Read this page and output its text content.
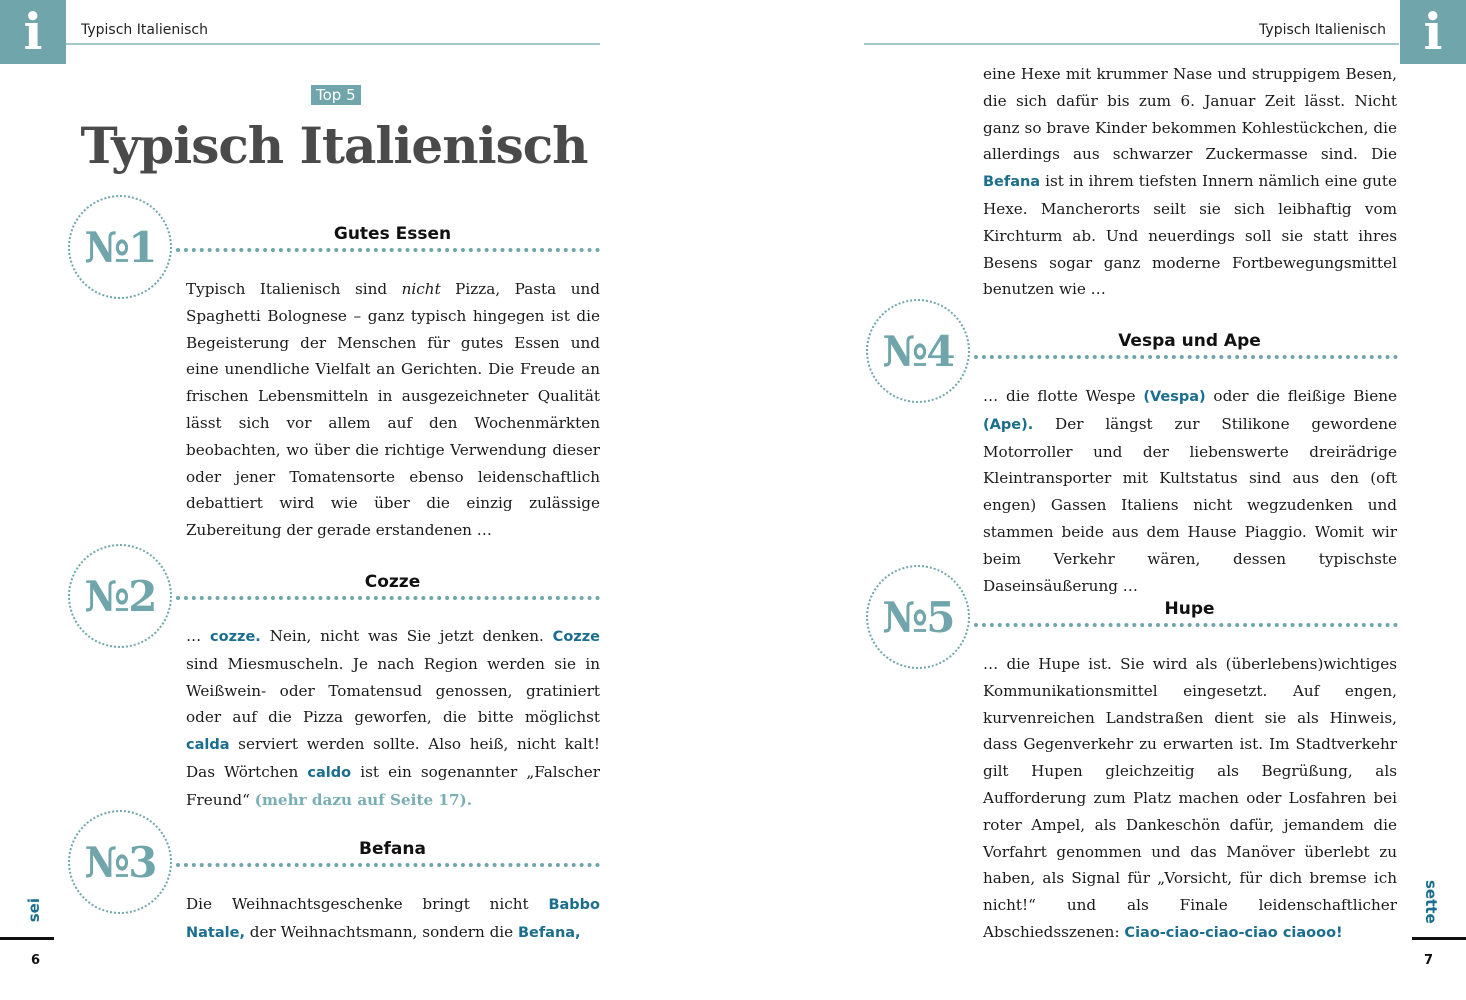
i	Typisch Italienisch
Top 5
Typisch Italienisch
№ 1	Gutes Essen
Typisch Italienisch sind nicht Pizza, Pasta und Spaghetti Bolognese – ganz typisch hingegen ist die Begeisterung der Menschen für gutes Essen und eine unendliche Vielfalt an Gerichten. Die Freude an frischen Lebensmitteln in ausgezeichneter Qualität lässt sich vor allem auf den Wochenmärkten beobachten, wo über die richtige Verwendung dieser oder jener Tomatensorte ebenso leidenschaftlich debattiert wird wie über die einzig zulässige Zubereitung der gerade erstandenen …
№ 2	Cozze
… cozze. Nein, nicht was Sie jetzt denken. Cozze sind Miesmuscheln. Je nach Region werden sie in Weißwein- oder Tomatensud genossen, gratiniert oder auf die Pizza geworfen, die bitte möglichst calda serviert werden sollte. Also heiß, nicht kalt! Das Wörtchen caldo ist ein sogenannter „Falscher Freund“ (mehr dazu auf Seite 17).
№ 3	Befana
Die Weihnachtsgeschenke bringt nicht Babbo Natale, der Weihnachtsmann, sondern die Befana,
sei
6
i
Typisch Italienisch
eine Hexe mit krummer Nase und struppigem Besen, die sich dafür bis zum 6. Januar Zeit lässt. Nicht ganz so brave Kinder bekommen Kohlestückchen, die allerdings aus schwarzer Zuckermasse sind. Die Befana ist in ihrem tiefsten Innern nämlich eine gute Hexe. Mancherorts seilt sie sich leibhaftig vom Kirchturm ab. Und neuerdings soll sie statt ihres Besens sogar ganz moderne Fortbewegungsmittel benutzen wie …
№ 4	Vespa und Ape
… die flotte Wespe (Vespa) oder die fleißige Biene (Ape). Der längst zur Stilikone gewordene Motorroller und der liebenswerte dreirädrige Kleintransporter mit Kultstatus sind aus den (oft engen) Gassen Italiens nicht wegzudenken und stammen beide aus dem Hause Piaggio. Womit wir beim Verkehr wären, dessen typischste Daseinsäußerung …
№ 5	Hupe
… die Hupe ist. Sie wird als (überlebens)wichtiges Kommunikationsmittel eingesetzt. Auf engen, kurvenreichen Landstraßen dient sie als Hinweis, dass Gegenverkehr zu erwarten ist. Im Stadtverkehr gilt Hupen gleichzeitig als Begrüßung, als Aufforderung zum Platz machen oder Losfahren bei roter Ampel, als Dankeschön dafür, jemandem die Vorfahrt genommen und das Manöver überlebt zu haben, als Signal für „Vorsicht, für dich bremse ich nicht!“ und als Finale leidenschaftlicher Abschiedsszenen: Ciao-ciao-ciao-ciao ciaooo!
sette
7
